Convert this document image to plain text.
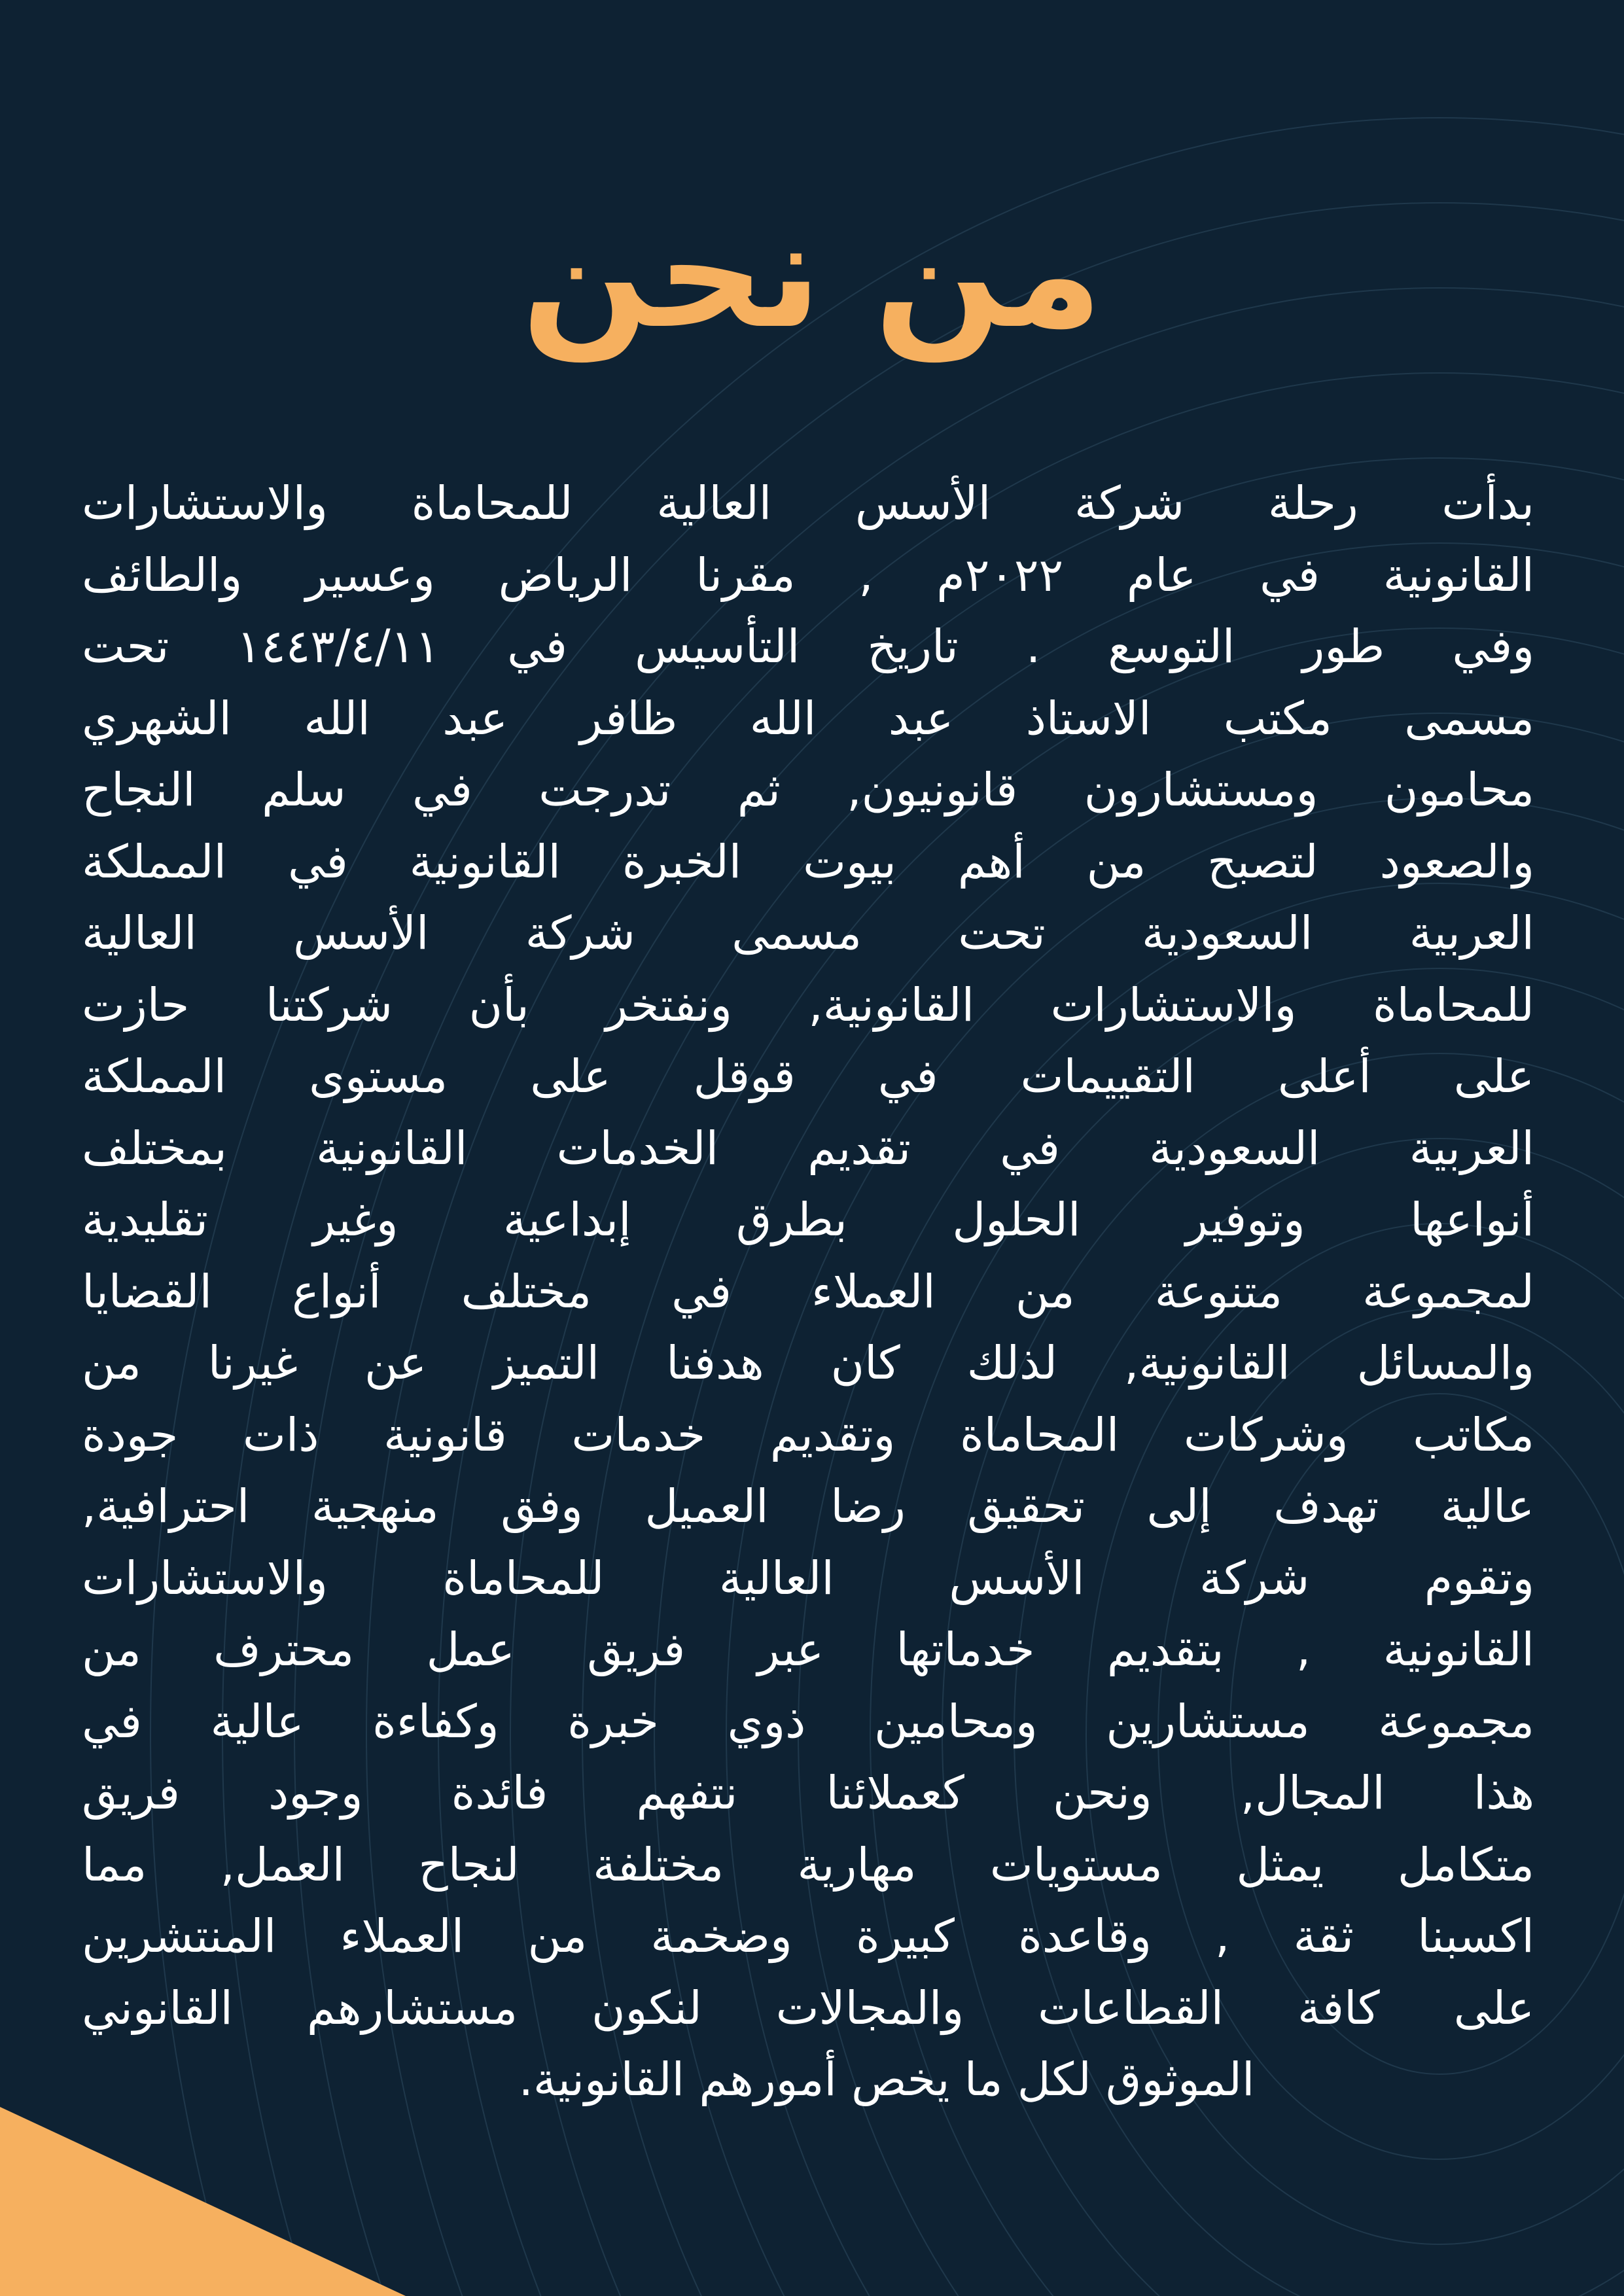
من نحن
بدأت رحلة شركة الأسس العالية للمحاماة والاستشارات
القانونية في عام ٢٠٢٢م , مقرنا الرياض وعسير والطائف
وفي طور التوسع . تاريخ التأسيس في ١٤٤٣/٤/١١ تحت
مسمى مكتب الاستاذ عبد الله ظافر عبد الله الشهري
محامون ومستشارون قانونيون, ثم تدرجت في سلم النجاح
والصعود لتصبح من أهم بيوت الخبرة القانونية في المملكة
العربية السعودية تحت مسمى شركة الأسس العالية
للمحاماة والاستشارات القانونية, ونفتخر بأن شركتنا حازت
على أعلى التقييمات في قوقل على مستوى المملكة
العربية السعودية في تقديم الخدمات القانونية بمختلف
أنواعها وتوفير الحلول بطرق إبداعية وغير تقليدية
لمجموعة متنوعة من العملاء في مختلف أنواع القضايا
والمسائل القانونية, لذلك كان هدفنا التميز عن غيرنا من
مكاتب وشركات المحاماة وتقديم خدمات قانونية ذات جودة
عالية تهدف إلى تحقيق رضا العميل وفق منهجية احترافية,
وتقوم شركة الأسس العالية للمحاماة والاستشارات
القانونية , بتقديم خدماتها عبر فريق عمل محترف من
مجموعة مستشارين ومحامين ذوي خبرة وكفاءة عالية في
هذا المجال, ونحن كعملائنا نتفهم فائدة وجود فريق
متكامل يمثل مستويات مهارية مختلفة لنجاح العمل, مما
اكسبنا ثقة , وقاعدة كبيرة وضخمة من العملاء المنتشرين
على كافة القطاعات والمجالات لنكون مستشارهم القانوني
الموثوق لكل ما يخص أمورهم القانونية.
